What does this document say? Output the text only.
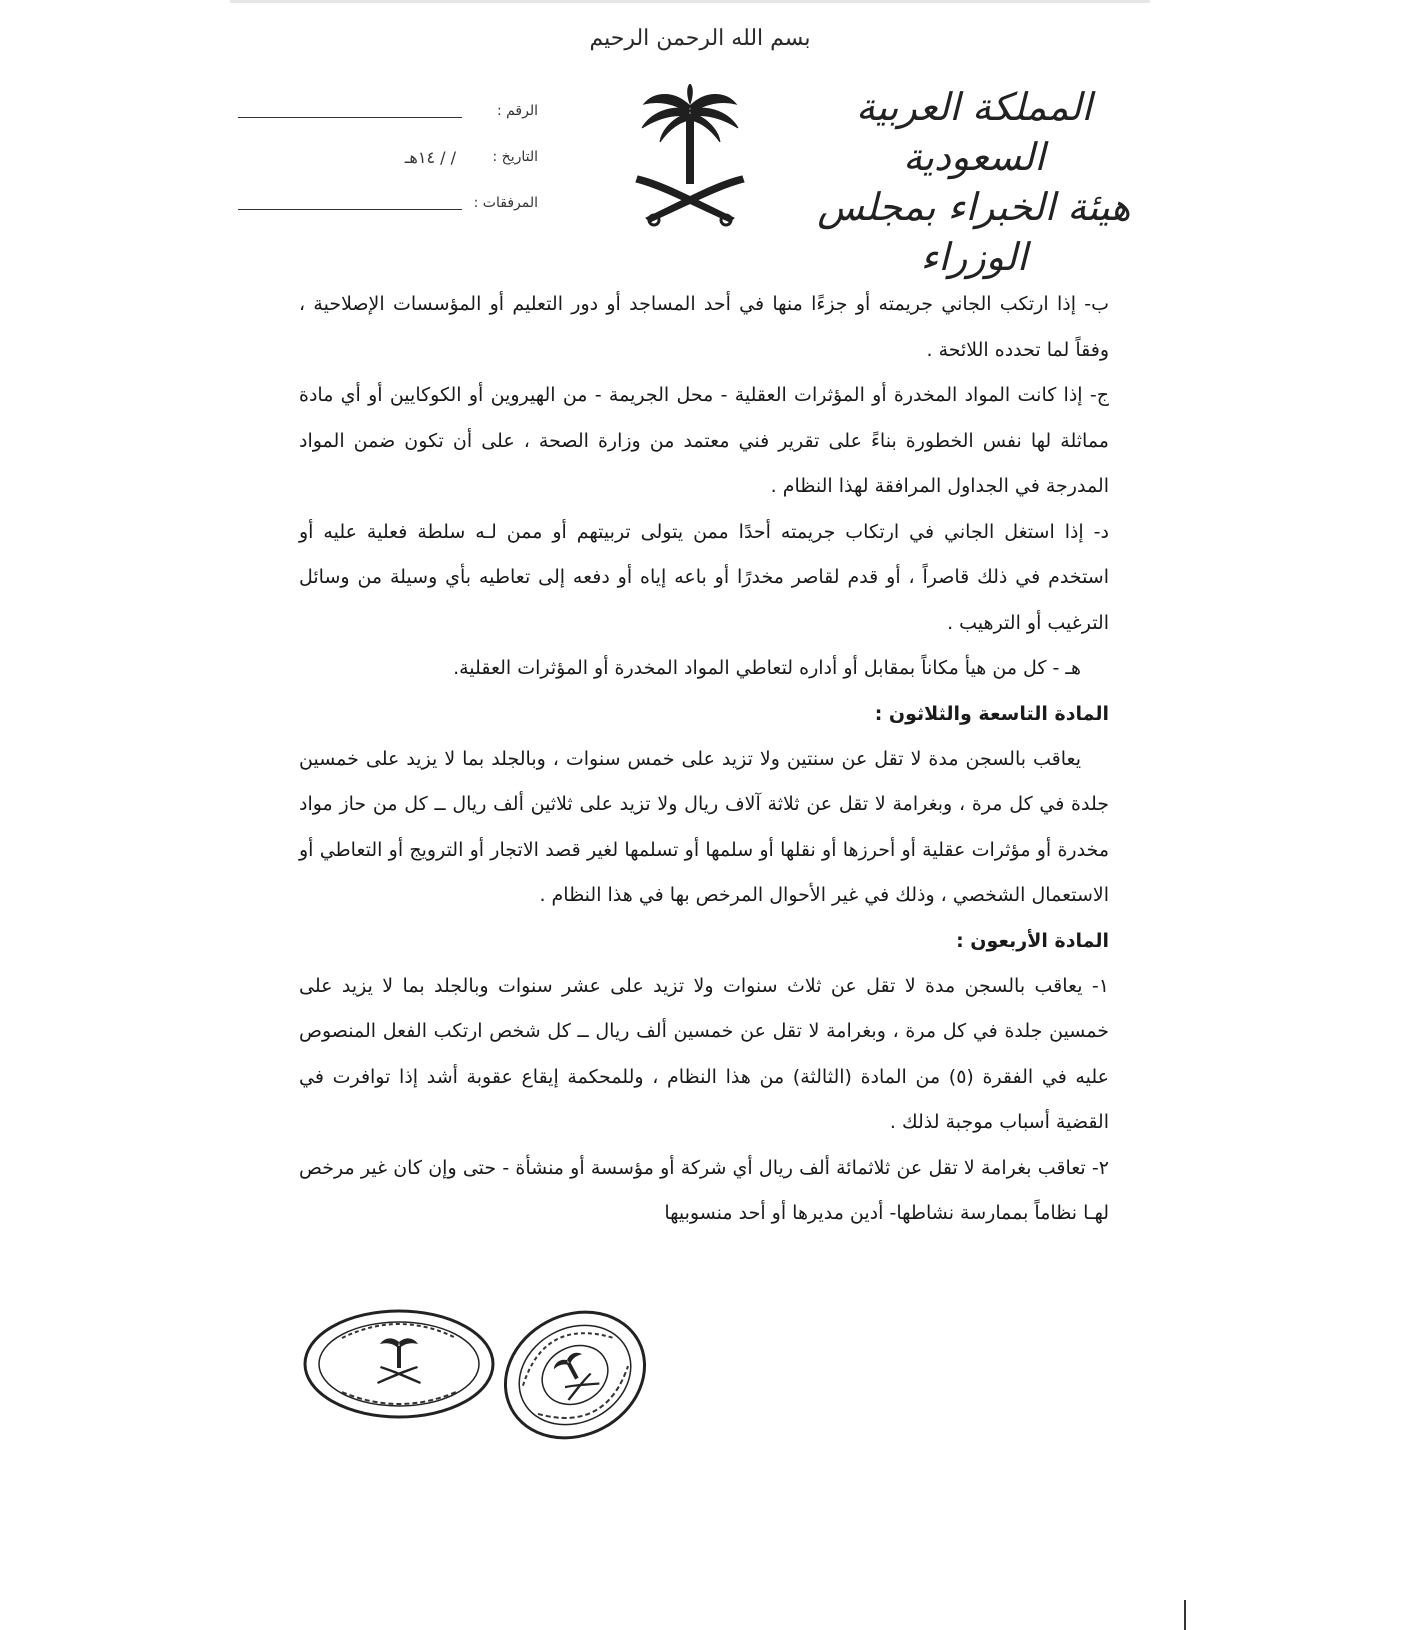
بسم الله الرحمن الرحيم
المملكة العربية السعودية
هيئة الخبراء بمجلس الوزراء
الرقم :
التاريخ :
/ / ١٤هـ
المرفقات :

ب- إذا ارتكب الجاني جريمته أو جزءًا منها في أحد المساجد أو دور التعليم أو المؤسسات الإصلاحية ، وفقاً لما تحدده اللائحة .

ج- إذا كانت المواد المخدرة أو المؤثرات العقلية - محل الجريمة - من الهيروين أو الكوكايين أو أي مادة مماثلة لها نفس الخطورة بناءً على تقرير فني معتمد من وزارة الصحة ، على أن تكون ضمن المواد المدرجة في الجداول المرافقة لهذا النظام .

د- إذا استغل الجاني في ارتكاب جريمته أحدًا ممن يتولى تربيتهم أو ممن لـه سلطة فعلية عليه أو استخدم في ذلك قاصراً ، أو قدم لقاصر مخدرًا أو باعه إياه أو دفعه إلى تعاطيه بأي وسيلة من وسائل الترغيب أو الترهيب .

هـ - كل من هيأ مكاناً بمقابل أو أداره لتعاطي المواد المخدرة أو المؤثرات العقلية.

المادة التاسعة والثلاثون :

يعاقب بالسجن مدة لا تقل عن سنتين ولا تزيد على خمس سنوات ، وبالجلد بما لا يزيد على خمسين جلدة في كل مرة ، وبغرامة لا تقل عن ثلاثة آلاف ريال ولا تزيد على ثلاثين ألف ريال ــ كل من حاز مواد مخدرة أو مؤثرات عقلية أو أحرزها أو نقلها أو سلمها أو تسلمها لغير قصد الاتجار أو الترويج أو التعاطي أو الاستعمال الشخصي ، وذلك في غير الأحوال المرخص بها في هذا النظام .

المادة الأربعون :

١- يعاقب بالسجن مدة لا تقل عن ثلاث سنوات ولا تزيد على عشر سنوات وبالجلد بما لا يزيد على خمسين جلدة في كل مرة ، وبغرامة لا تقل عن خمسين ألف ريال ــ كل شخص ارتكب الفعل المنصوص عليه في الفقرة (٥) من المادة (الثالثة) من هذا النظام ، وللمحكمة إيقاع عقوبة أشد إذا توافرت في القضية أسباب موجبة لذلك .

٢- تعاقب بغرامة لا تقل عن ثلاثمائة ألف ريال أي شركة أو مؤسسة أو منشأة - حتى وإن كان غير مرخص لهـا نظاماً بممارسة نشاطها- أدين مديرها أو أحد منسوبيها
